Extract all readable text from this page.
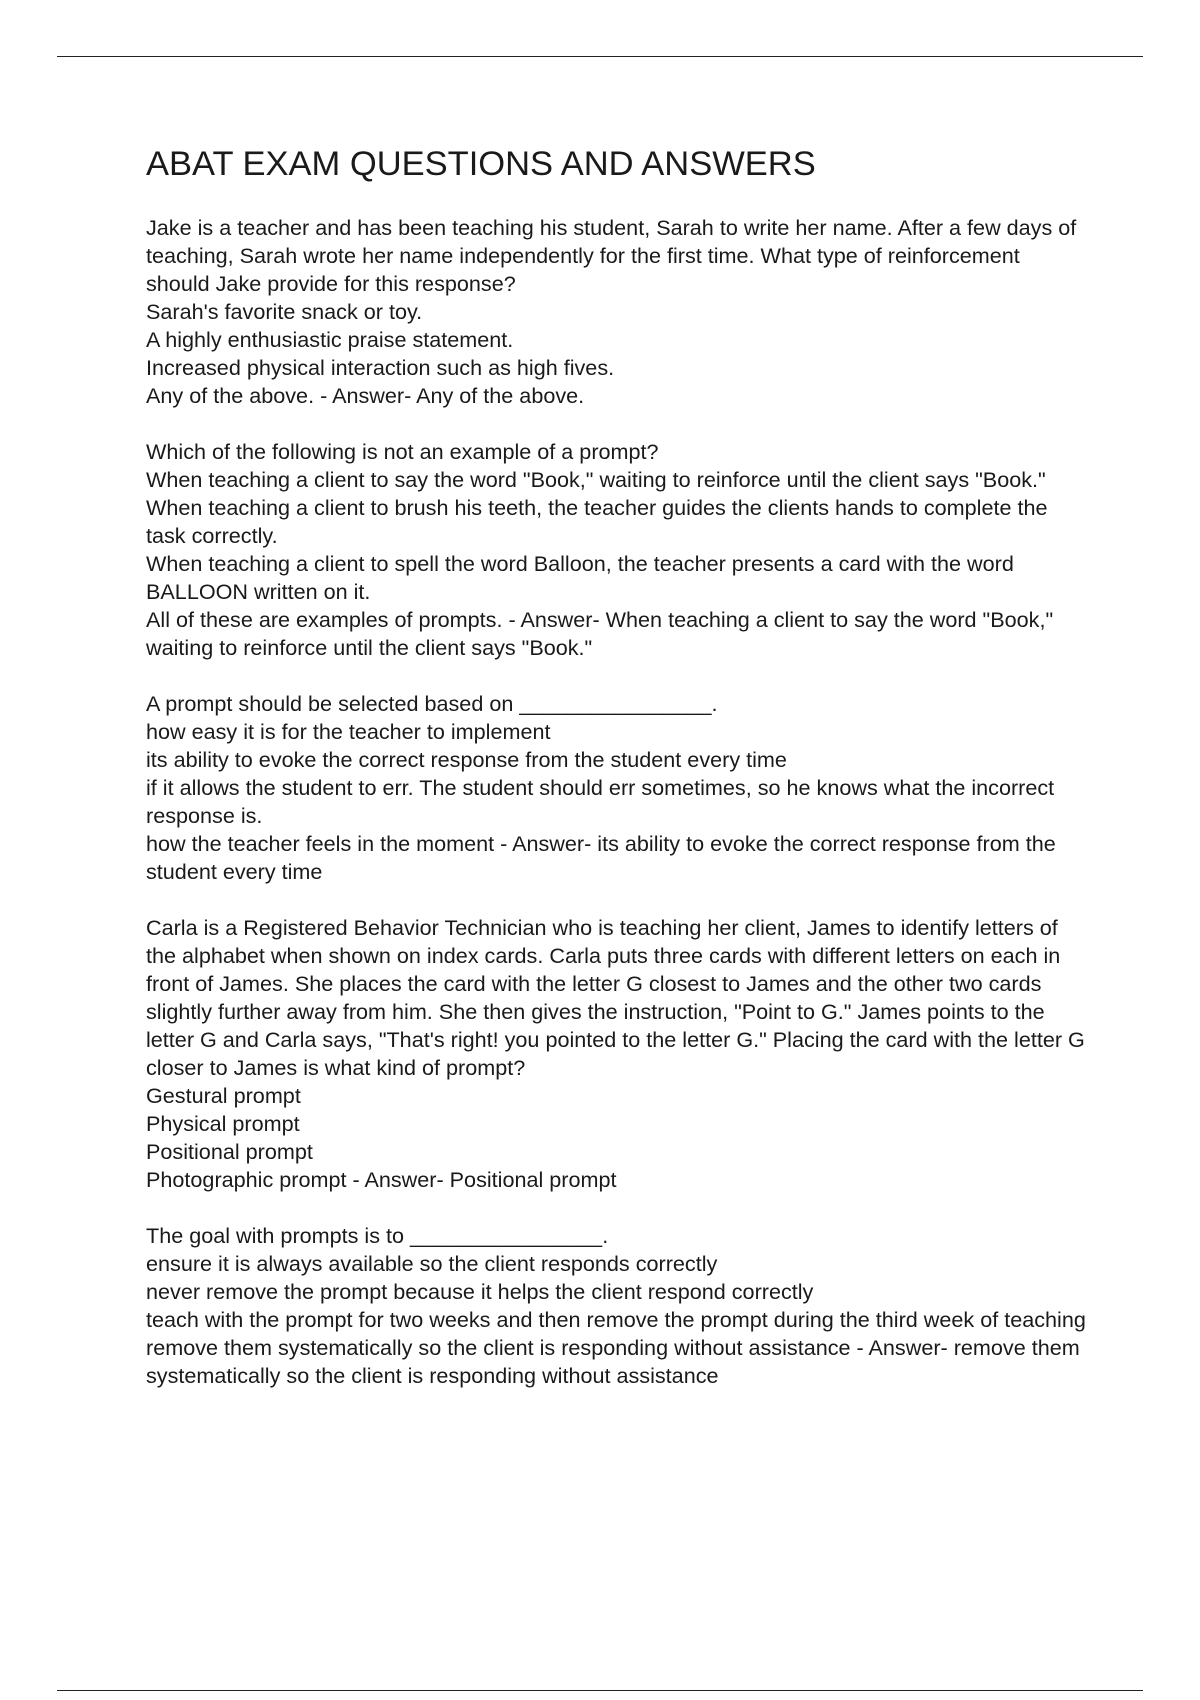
ABAT EXAM QUESTIONS AND ANSWERS

Jake is a teacher and has been teaching his student, Sarah to write her name. After a few days of teaching, Sarah wrote her name independently for the first time. What type of reinforcement should Jake provide for this response?

Sarah's favorite snack or toy.

A highly enthusiastic praise statement.

Increased physical interaction such as high fives.

Any of the above. - Answer- Any of the above.

Which of the following is not an example of a prompt?

When teaching a client to say the word "Book," waiting to reinforce until the client says "Book."

When teaching a client to brush his teeth, the teacher guides the clients hands to complete the task correctly.

When teaching a client to spell the word Balloon, the teacher presents a card with the word BALLOON written on it.

All of these are examples of prompts. - Answer- When teaching a client to say the word "Book," waiting to reinforce until the client says "Book."

A prompt should be selected based on ________________.

how easy it is for the teacher to implement

its ability to evoke the correct response from the student every time

if it allows the student to err. The student should err sometimes, so he knows what the incorrect response is.

how the teacher feels in the moment - Answer- its ability to evoke the correct response from the student every time

Carla is a Registered Behavior Technician who is teaching her client, James to identify letters of the alphabet when shown on index cards. Carla puts three cards with different letters on each in front of James. She places the card with the letter G closest to James and the other two cards slightly further away from him. She then gives the instruction, "Point to G." James points to the letter G and Carla says, "That's right! you pointed to the letter G." Placing the card with the letter G closer to James is what kind of prompt?

Gestural prompt

Physical prompt

Positional prompt

Photographic prompt - Answer- Positional prompt

The goal with prompts is to ________________.

ensure it is always available so the client responds correctly

never remove the prompt because it helps the client respond correctly

teach with the prompt for two weeks and then remove the prompt during the third week of teaching

remove them systematically so the client is responding without assistance - Answer- remove them systematically so the client is responding without assistance
